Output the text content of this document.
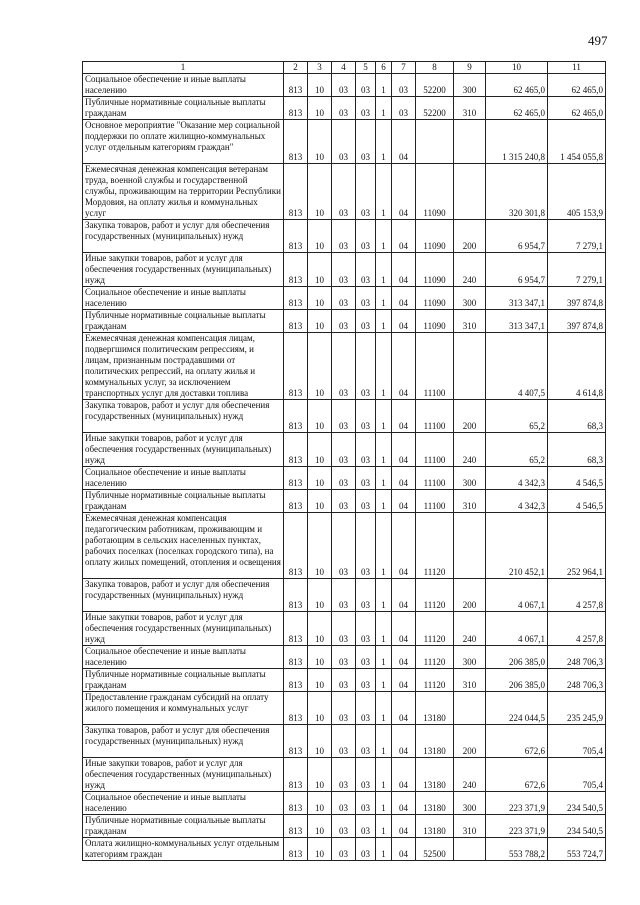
497
1	2	3	4	5	6	7	8	9	10	11
Социальное обеспечение и иные выплаты населению	813	10	03	03	1	03	52200	300	62 465,0	62 465,0
Публичные нормативные социальные выплаты гражданам	813	10	03	03	1	03	52200	310	62 465,0	62 465,0
Основное мероприятие "Оказание мер социальной поддержки по оплате жилищно-коммунальных услуг отдельным категориям граждан"	813	10	03	03	1	04			1 315 240,8	1 454 055,8
Ежемесячная денежная компенсация ветеранам труда, военной службы и государственной службы, проживающим на территории Республики Мордовия, на оплату жилья и коммунальных услуг	813	10	03	03	1	04	11090		320 301,8	405 153,9
Закупка товаров, работ и услуг для обеспечения государственных (муниципальных) нужд	813	10	03	03	1	04	11090	200	6 954,7	7 279,1
Иные закупки товаров, работ и услуг для обеспечения государственных (муниципальных) нужд	813	10	03	03	1	04	11090	240	6 954,7	7 279,1
Социальное обеспечение и иные выплаты населению	813	10	03	03	1	04	11090	300	313 347,1	397 874,8
Публичные нормативные социальные выплаты гражданам	813	10	03	03	1	04	11090	310	313 347,1	397 874,8
Ежемесячная денежная компенсация лицам, подвергшимся политическим репрессиям, и лицам, признанным пострадавшими от политических репрессий, на оплату жилья и коммунальных услуг, за исключением транспортных услуг для доставки топлива	813	10	03	03	1	04	11100		4 407,5	4 614,8
Закупка товаров, работ и услуг для обеспечения государственных (муниципальных) нужд	813	10	03	03	1	04	11100	200	65,2	68,3
Иные закупки товаров, работ и услуг для обеспечения государственных (муниципальных) нужд	813	10	03	03	1	04	11100	240	65,2	68,3
Социальное обеспечение и иные выплаты населению	813	10	03	03	1	04	11100	300	4 342,3	4 546,5
Публичные нормативные социальные выплаты гражданам	813	10	03	03	1	04	11100	310	4 342,3	4 546,5
Ежемесячная денежная компенсация педагогическим работникам, проживающим и работающим в сельских населенных пунктах, рабочих поселках (поселках городского типа), на оплату жилых помещений, отопления и освещения	813	10	03	03	1	04	11120		210 452,1	252 964,1
Закупка товаров, работ и услуг для обеспечения государственных (муниципальных) нужд	813	10	03	03	1	04	11120	200	4 067,1	4 257,8
Иные закупки товаров, работ и услуг для обеспечения государственных (муниципальных) нужд	813	10	03	03	1	04	11120	240	4 067,1	4 257,8
Социальное обеспечение и иные выплаты населению	813	10	03	03	1	04	11120	300	206 385,0	248 706,3
Публичные нормативные социальные выплаты гражданам	813	10	03	03	1	04	11120	310	206 385,0	248 706,3
Предоставление гражданам субсидий на оплату жилого помещения и коммунальных услуг	813	10	03	03	1	04	13180		224 044,5	235 245,9
Закупка товаров, работ и услуг для обеспечения государственных (муниципальных) нужд	813	10	03	03	1	04	13180	200	672,6	705,4
Иные закупки товаров, работ и услуг для обеспечения государственных (муниципальных) нужд	813	10	03	03	1	04	13180	240	672,6	705,4
Социальное обеспечение и иные выплаты населению	813	10	03	03	1	04	13180	300	223 371,9	234 540,5
Публичные нормативные социальные выплаты гражданам	813	10	03	03	1	04	13180	310	223 371,9	234 540,5
Оплата жилищно-коммунальных услуг отдельным категориям граждан	813	10	03	03	1	04	52500		553 788,2	553 724,7
